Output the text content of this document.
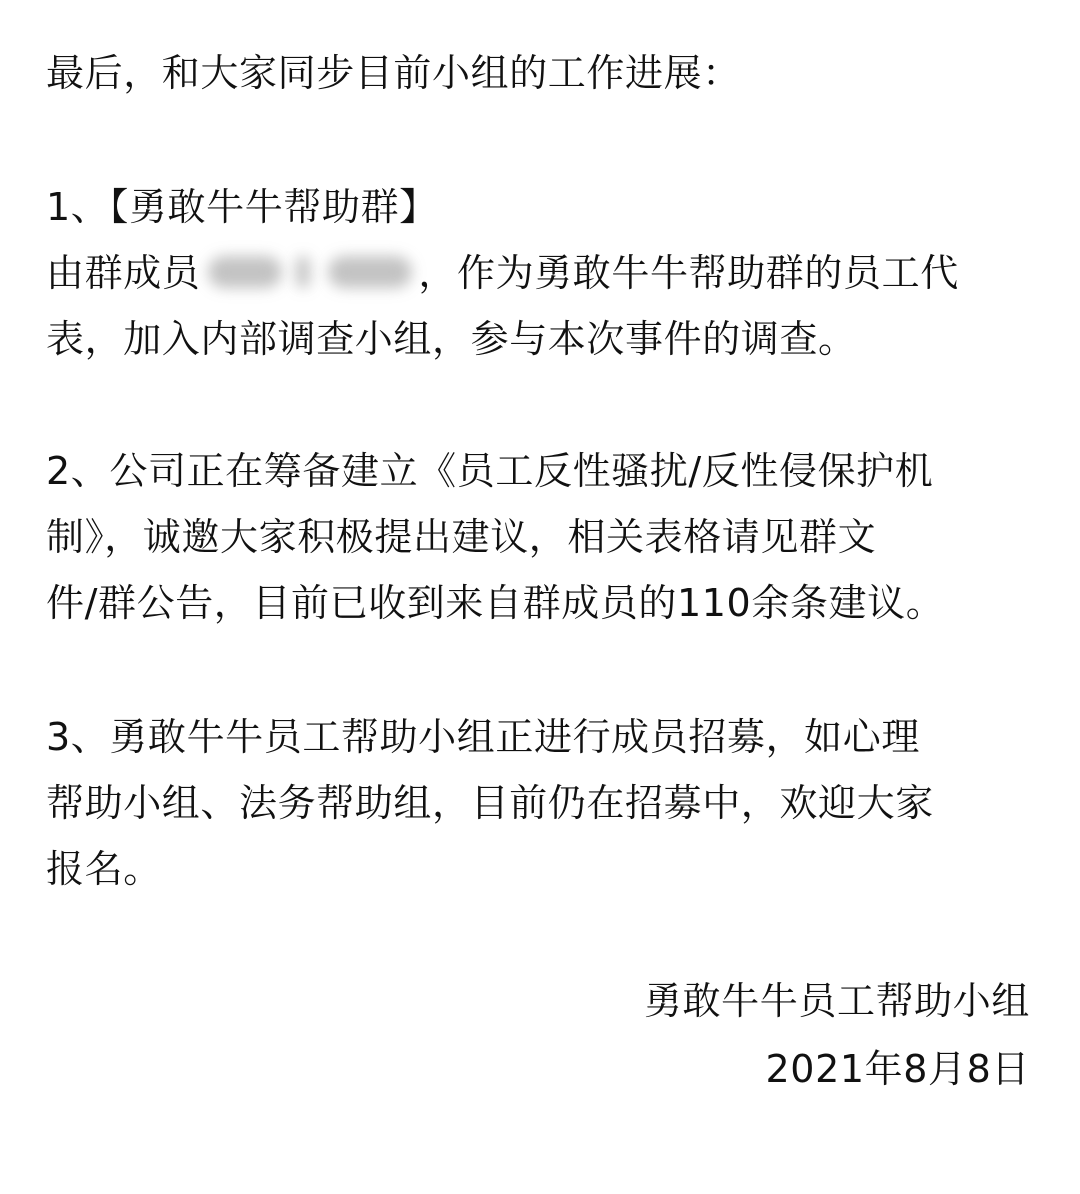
最后，和大家同步目前小组的工作进展：
1、【勇敢牛牛帮助群】
由群成员	，作为勇敢牛牛帮助群的员工代
表，加入内部调查小组，参与本次事件的调查。
2、公司正在筹备建立《员工反性骚扰/反性侵保护机
制》，诚邀大家积极提出建议，相关表格请见群文
件/群公告，目前已收到来自群成员的110余条建议。
3、勇敢牛牛员工帮助小组正进行成员招募，如心理
帮助小组、法务帮助组，目前仍在招募中，欢迎大家
报名。
勇敢牛牛员工帮助小组
2021年8月8日
